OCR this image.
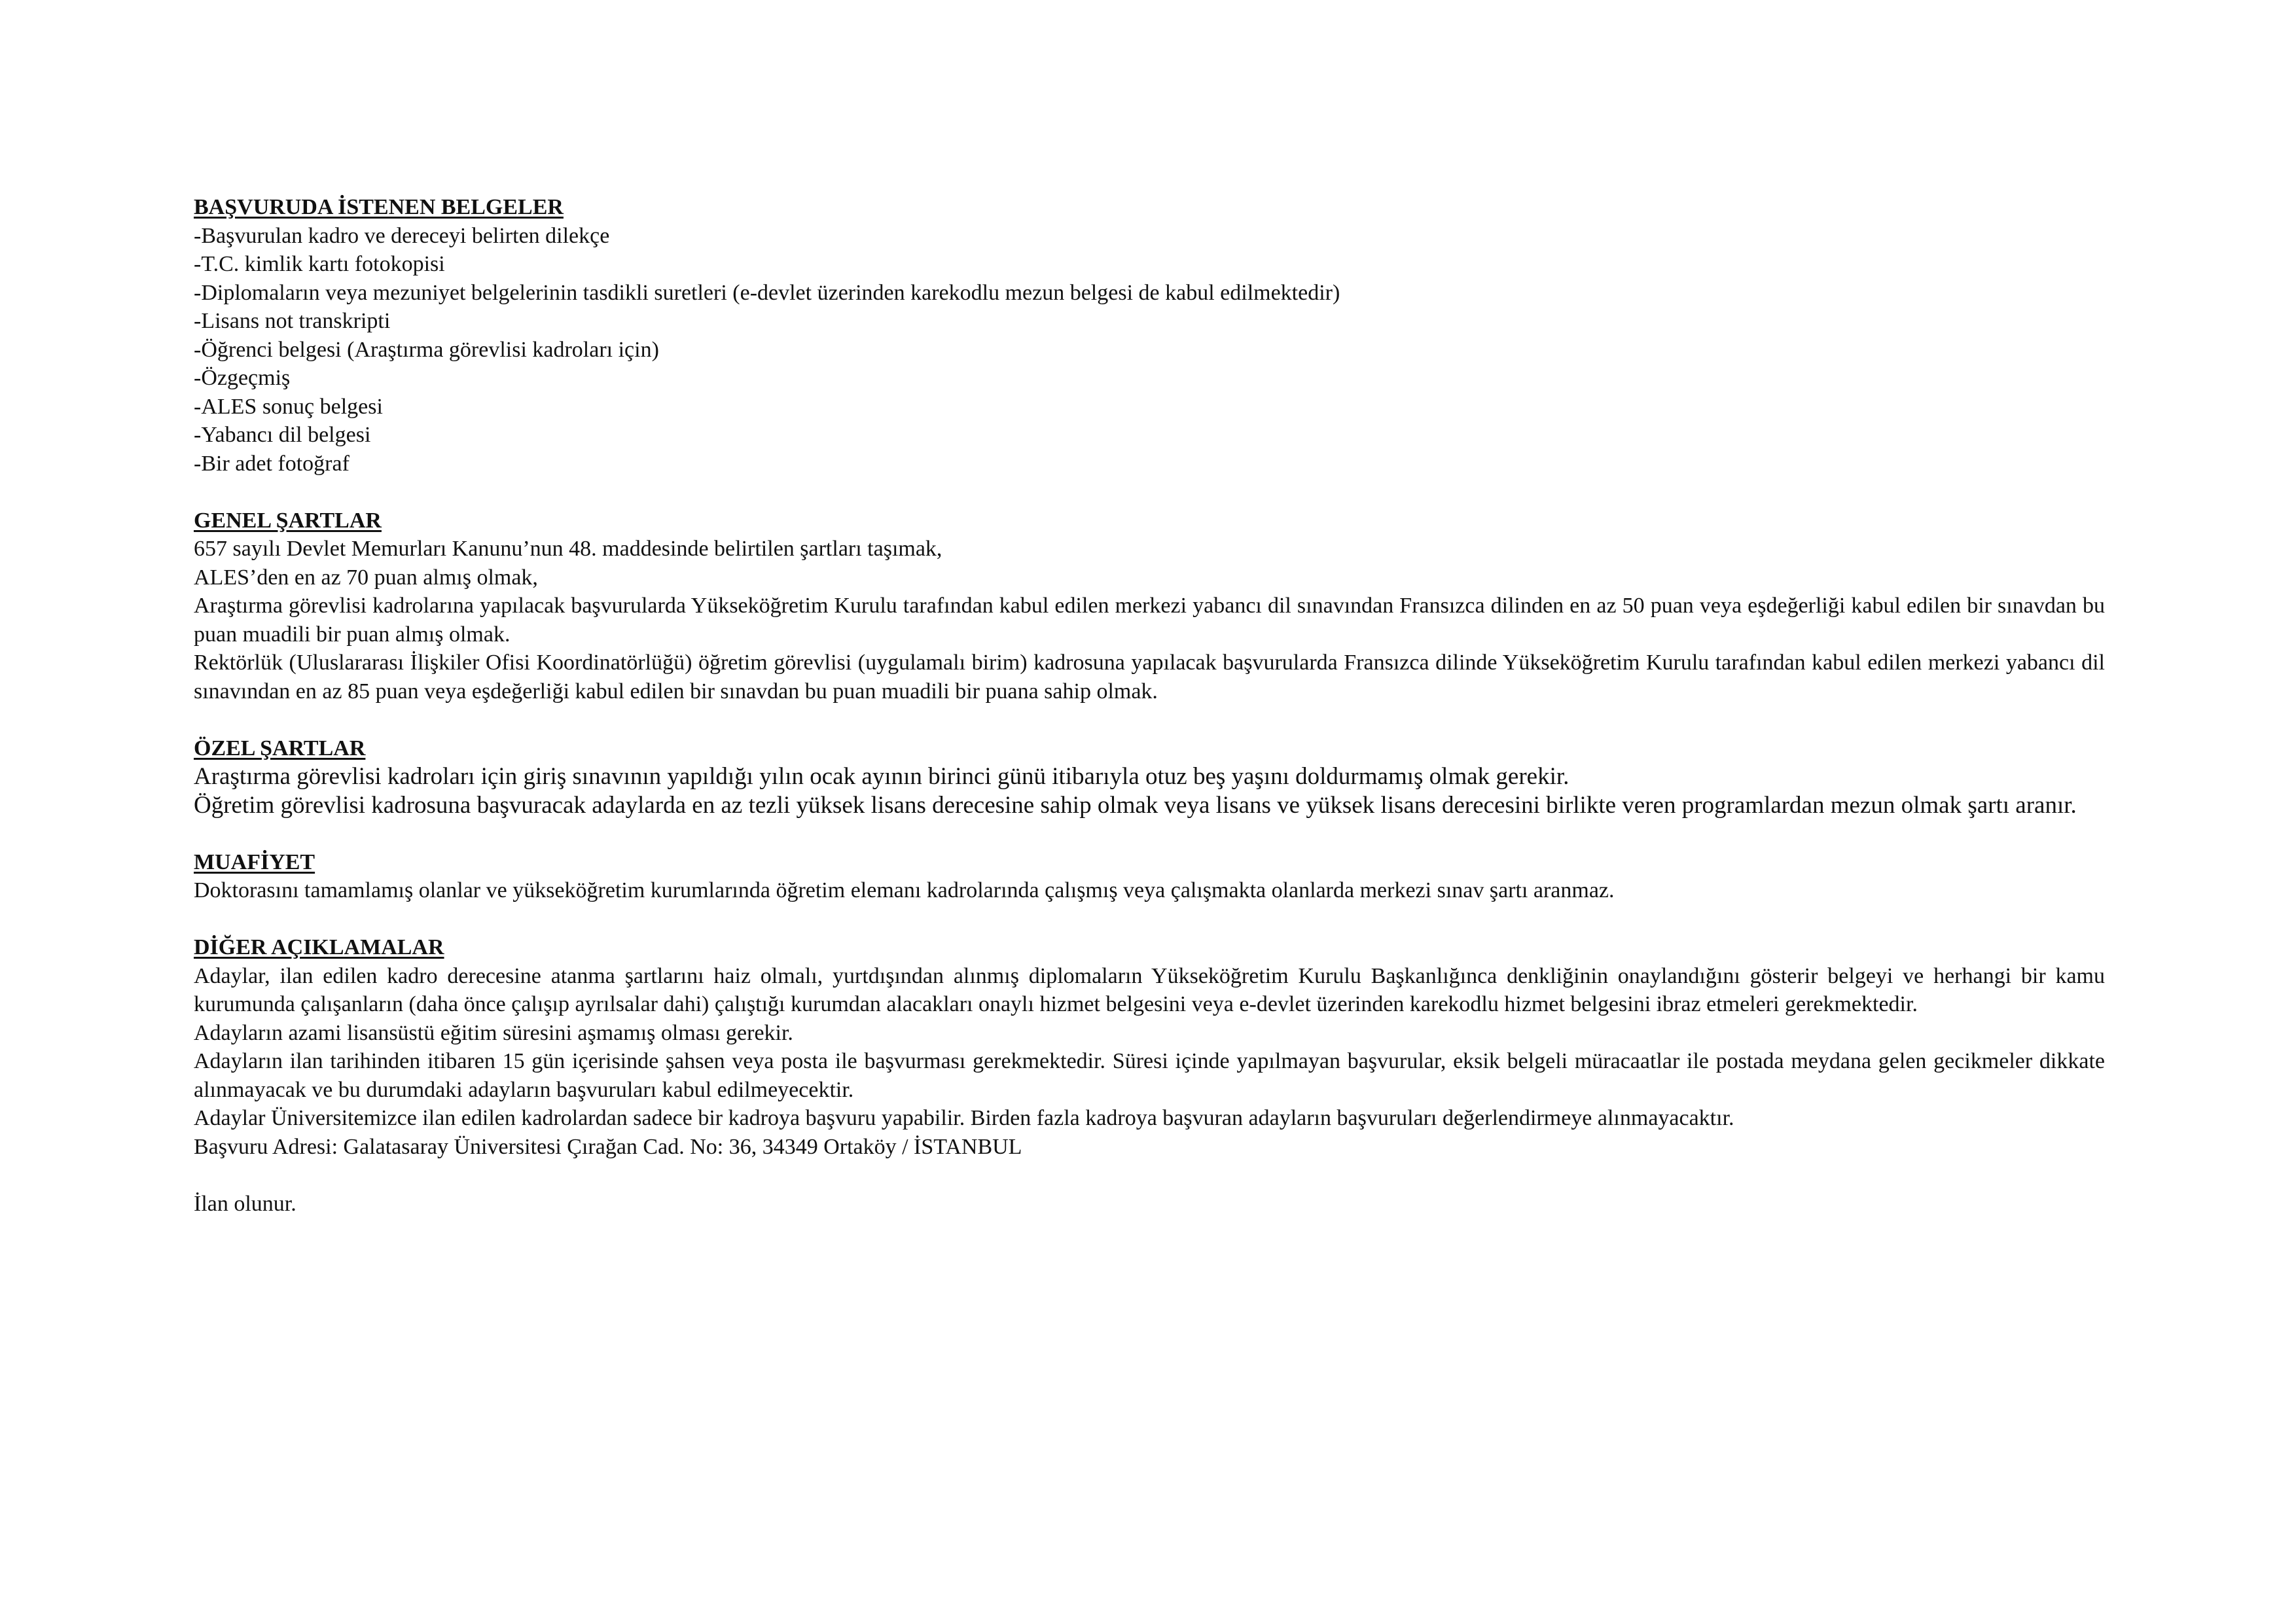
BAŞVURUDA İSTENEN BELGELER
-Başvurulan kadro ve dereceyi belirten dilekçe
-T.C. kimlik kartı fotokopisi
-Diplomaların veya mezuniyet belgelerinin tasdikli suretleri (e-devlet üzerinden karekodlu mezun belgesi de kabul edilmektedir)
-Lisans not transkripti
-Öğrenci belgesi (Araştırma görevlisi kadroları için)
-Özgeçmiş
-ALES sonuç belgesi
-Yabancı dil belgesi
-Bir adet fotoğraf
GENEL ŞARTLAR
657 sayılı Devlet Memurları Kanunu’nun 48. maddesinde belirtilen şartları taşımak,
ALES’den en az 70 puan almış olmak,
Araştırma görevlisi kadrolarına yapılacak başvurularda Yükseköğretim Kurulu tarafından kabul edilen merkezi yabancı dil sınavından Fransızca dilinden en az 50 puan veya eşdeğerliği kabul edilen bir sınavdan bu puan muadili bir puan almış olmak.
Rektörlük (Uluslararası İlişkiler Ofisi Koordinatörlüğü) öğretim görevlisi (uygulamalı birim) kadrosuna yapılacak başvurularda Fransızca dilinde Yükseköğretim Kurulu tarafından kabul edilen merkezi yabancı dil sınavından en az 85 puan veya eşdeğerliği kabul edilen bir sınavdan bu puan muadili bir puana sahip olmak.
ÖZEL ŞARTLAR
Araştırma görevlisi kadroları için giriş sınavının yapıldığı yılın ocak ayının birinci günü itibarıyla otuz beş yaşını doldurmamış olmak gerekir.
Öğretim görevlisi kadrosuna başvuracak adaylarda en az tezli yüksek lisans derecesine sahip olmak veya lisans ve yüksek lisans derecesini birlikte veren programlardan mezun olmak şartı aranır.
MUAFİYET
Doktorasını tamamlamış olanlar ve yükseköğretim kurumlarında öğretim elemanı kadrolarında çalışmış veya çalışmakta olanlarda merkezi sınav şartı aranmaz.
DİĞER AÇIKLAMALAR
Adaylar, ilan edilen kadro derecesine atanma şartlarını haiz olmalı, yurtdışından alınmış diplomaların Yükseköğretim Kurulu Başkanlığınca denkliğinin onaylandığını gösterir belgeyi ve herhangi bir kamu kurumunda çalışanların (daha önce çalışıp ayrılsalar dahi) çalıştığı kurumdan alacakları onaylı hizmet belgesini veya e-devlet üzerinden karekodlu hizmet belgesini ibraz etmeleri gerekmektedir.
Adayların azami lisansüstü eğitim süresini aşmamış olması gerekir.
Adayların ilan tarihinden itibaren 15 gün içerisinde şahsen veya posta ile başvurması gerekmektedir. Süresi içinde yapılmayan başvurular, eksik belgeli müracaatlar ile postada meydana gelen gecikmeler dikkate alınmayacak ve bu durumdaki adayların başvuruları kabul edilmeyecektir.
Adaylar Üniversitemizce ilan edilen kadrolardan sadece bir kadroya başvuru yapabilir. Birden fazla kadroya başvuran adayların başvuruları değerlendirmeye alınmayacaktır.
Başvuru Adresi: Galatasaray Üniversitesi Çırağan Cad. No: 36, 34349 Ortaköy / İSTANBUL
İlan olunur.
